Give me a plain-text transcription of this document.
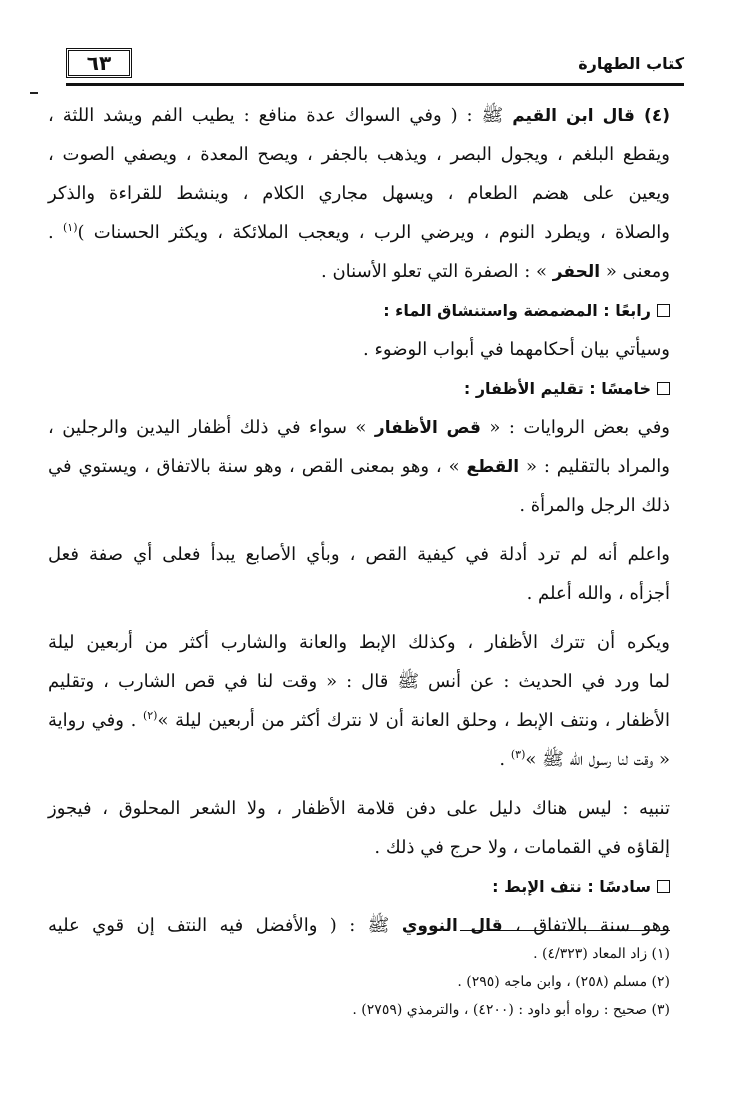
٦٣	كتاب الطهارة
(٤) قال ابن القيم ﷺ : ( وفي السواك عدة منافع : يطيب الفم ويشد اللثة ،
ويقطع البلغم ، ويجول البصر ، ويذهب بالجفر ، ويصح المعدة ، ويصفي الصوت ،
ويعين على هضم الطعام ، ويسهل مجاري الكلام ، وينشط للقراءة والذكر
والصلاة ، ويطرد النوم ، ويرضي الرب ، ويعجب الملائكة ، ويكثر الحسنات )$^{(١)}$ .
ومعنى « الحفر » : الصفرة التي تعلو الأسنان .
رابعًا : المضمضة واستنشاق الماء :
وسيأتي بيان أحكامهما في أبواب الوضوء .
خامسًا : تقليم الأظفار :
وفي بعض الروايات : « قص الأظفار » سواء في ذلك أظفار اليدين والرجلين ،
والمراد بالتقليم : « القطع » ، وهو بمعنى القص ، وهو سنة بالاتفاق ، ويستوي في
ذلك الرجل والمرأة .
واعلم أنه لم ترد أدلة في كيفية القص ، وبأي الأصابع يبدأ فعلى أي صفة فعل
أجزأه ، والله أعلم .
ويكره أن تترك الأظفار ، وكذلك الإبط والعانة والشارب أكثر من أربعين ليلة
لما ورد في الحديث : عن أنس ﷺ قال : « وقت لنا في قص الشارب ، وتقليم
الأظفار ، ونتف الإبط ، وحلق العانة أن لا نترك أكثر من أربعين ليلة »$^{(٢)}$ . وفي رواية
« وقت لنا رسول الله ﷺ »$^{(٣)}$ .
تنبيه : ليس هناك دليل على دفن قلامة الأظفار ، ولا الشعر المحلوق ، فيجوز
إلقاؤه في القمامات ، ولا حرج في ذلك .
سادسًا : نتف الإبط :
وهو سنة بالاتفاق ، قال النووي ﷺ : ( والأفضل فيه النتف إن قوي عليه
(١) زاد المعاد (٤/٣٢٣) .
(٢) مسلم (٢٥٨) ، وابن ماجه (٢٩٥) .
(٣) صحيح : رواه أبو داود : (٤٢٠٠) ، والترمذي (٢٧٥٩) .
